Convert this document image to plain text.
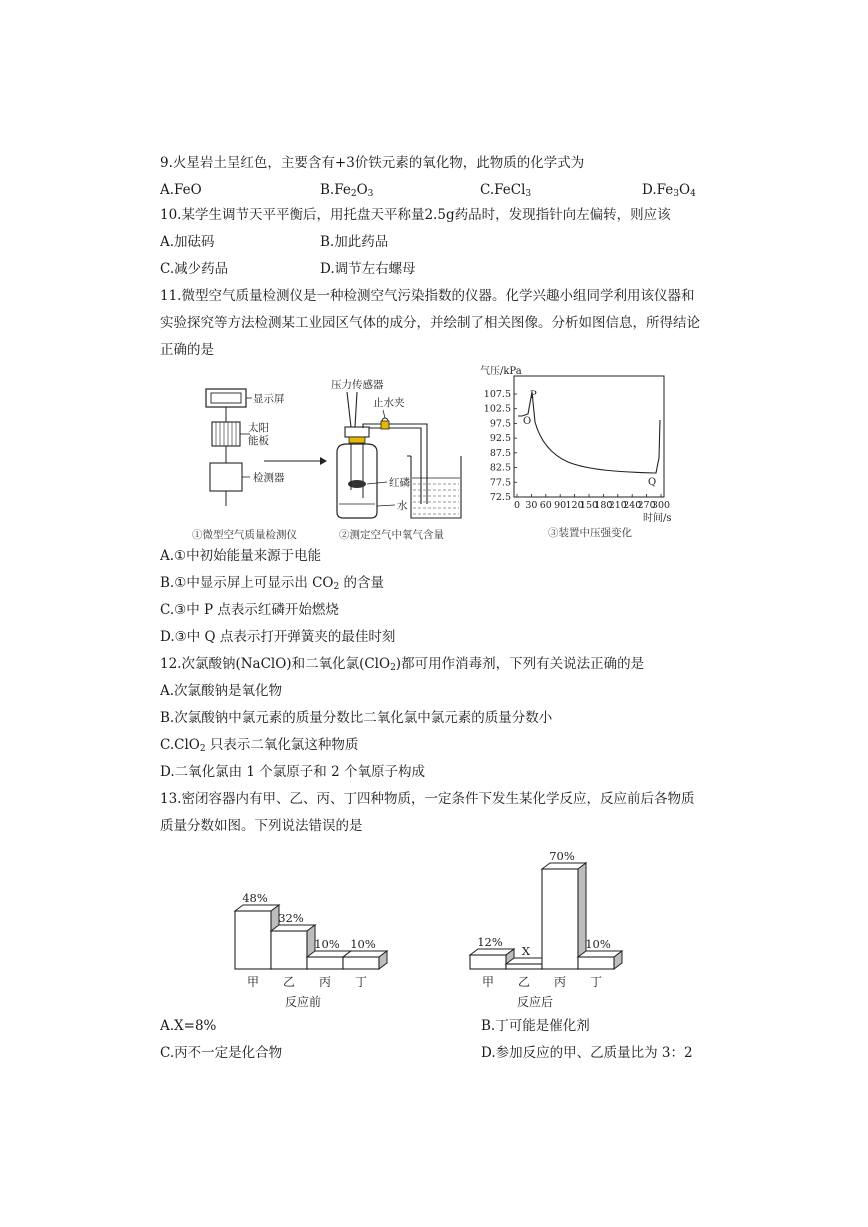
9.火星岩土呈红色，主要含有+3价铁元素的氧化物，此物质的化学式为
A.FeO	$B.Fe_2O_3$	C.FeCl$_3$	$D.Fe_3O_4$
10.某学生调节天平平衡后，用托盘天平称量2.5g药品时，发现指针向左偏转，则应该
A.加砝码	B.加此药品
C.减少药品	D.调节左右螺母
11.微型空气质量检测仪是一种检测空气污染指数的仪器。化学兴趣小组同学利用该仪器和
实验探究等方法检测某工业园区气体的成分，并绘制了相关图像。分析如图信息，所得结论
正确的是
显示屏
太阳能板
检测器
①微型空气质量检测仪
压力传感器
止水夹
红磷
水
②测定空气中氧气含量
气压/kPa
107.5
102.5
97.5
92.5
87.5
82.5
77.5
72.5
0 30 60 90 120
150
180
210
240
270
300
O
P
Q
时间/s
③装置中压强变化
A.①中初始能量来源于电能
B.①中显示屏上可显示出 $CO_2$ 的含量
C.③中 P 点表示红磷开始燃烧
D.③中 Q 点表示打开弹簧夹的最佳时刻
12.次氯酸钠(NaClO)和二氧化氯(ClO$_2$)都可用作消毒剂，下列有关说法正确的是
A.次氯酸钠是氧化物
B.次氯酸钠中氯元素的质量分数比二氧化氯中氯元素的质量分数小
C.ClO$_2$ 只表示二氧化氯这种物质
D.二氧化氯由 1 个氯原子和 2 个氧原子构成
13.密闭容器内有甲、乙、丙、丁四种物质，一定条件下发生某化学反应，反应前后各物质
质量分数如图。下列说法错误的是
48%
甲
32%
乙
10%
丙
10%
丁
反应前
12%
甲
X
乙
70%
丙
10%
丁
反应后
A.X=8%	B.丁可能是催化剂
C.丙不一定是化合物	D.参加反应的甲、乙质量比为 3：2
